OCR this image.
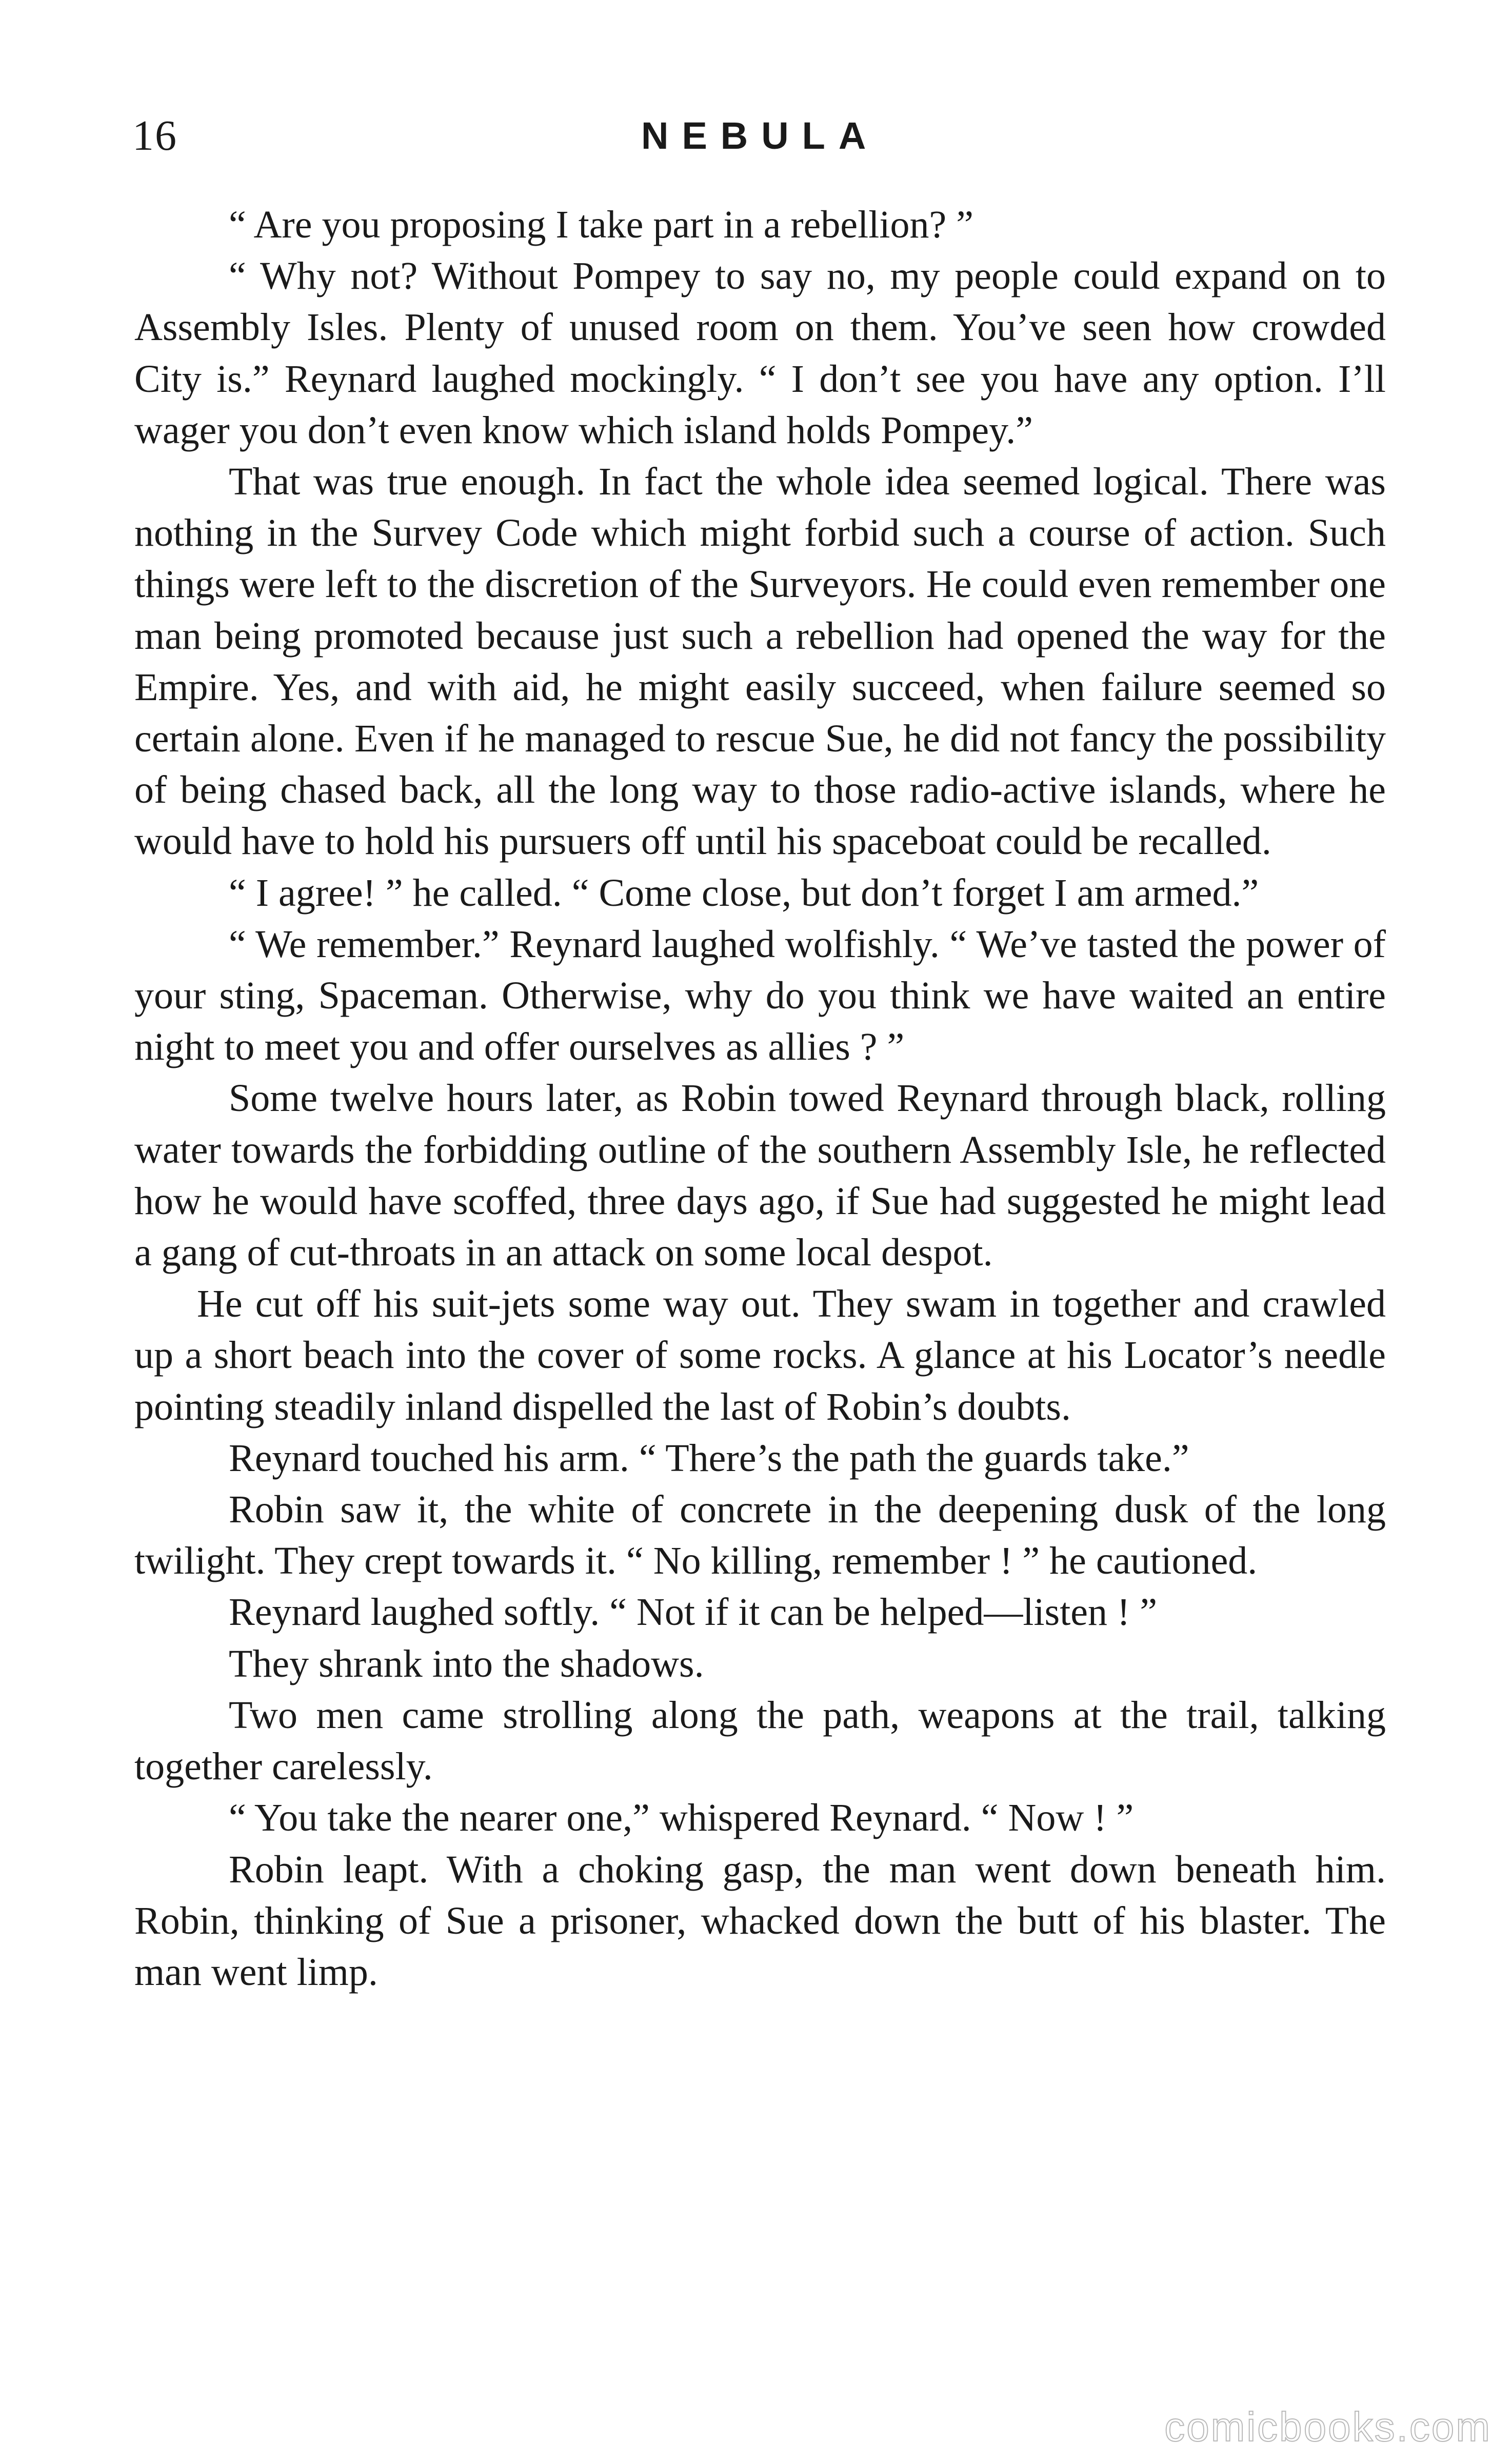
16	NEBULA

“ Are you proposing I take part in a rebellion? ”

“ Why not? Without Pompey to say no, my people could expand on to Assembly Isles. Plenty of unused room on them. You’ve seen how crowded City is.” Reynard laughed mockingly. “ I don’t see you have any option. I’ll wager you don’t even know which island holds Pompey.”

That was true enough. In fact the whole idea seemed logical. There was nothing in the Survey Code which might forbid such a course of action. Such things were left to the discretion of the Surveyors. He could even remember one man being promoted because just such a rebellion had opened the way for the Empire. Yes, and with aid, he might easily succeed, when failure seemed so certain alone. Even if he managed to rescue Sue, he did not fancy the possibility of being chased back, all the long way to those radio-active islands, where he would have to hold his pursuers off until his spaceboat could be recalled.

“ I agree! ” he called. “ Come close, but don’t forget I am armed.”

“ We remember.” Reynard laughed wolfishly. “ We’ve tasted the power of your sting, Spaceman. Otherwise, why do you think we have waited an entire night to meet you and offer ourselves as allies ? ”

Some twelve hours later, as Robin towed Reynard through black, rolling water towards the forbidding outline of the southern Assembly Isle, he reflected how he would have scoffed, three days ago, if Sue had suggested he might lead a gang of cut-throats in an attack on some local despot.

He cut off his suit-jets some way out. They swam in together and crawled up a short beach into the cover of some rocks. A glance at his Locator’s needle pointing steadily inland dispelled the last of Robin’s doubts.

Reynard touched his arm. “ There’s the path the guards take.”

Robin saw it, the white of concrete in the deepening dusk of the long twilight. They crept towards it. “ No killing, remember ! ” he cautioned.

Reynard laughed softly. “ Not if it can be helped—listen ! ”

They shrank into the shadows.

Two men came strolling along the path, weapons at the trail, talking together carelessly.

“ You take the nearer one,” whispered Reynard. “ Now ! ”

Robin leapt. With a choking gasp, the man went down beneath him. Robin, thinking of Sue a prisoner, whacked down the butt of his blaster. The man went limp.

comicbooks.com
